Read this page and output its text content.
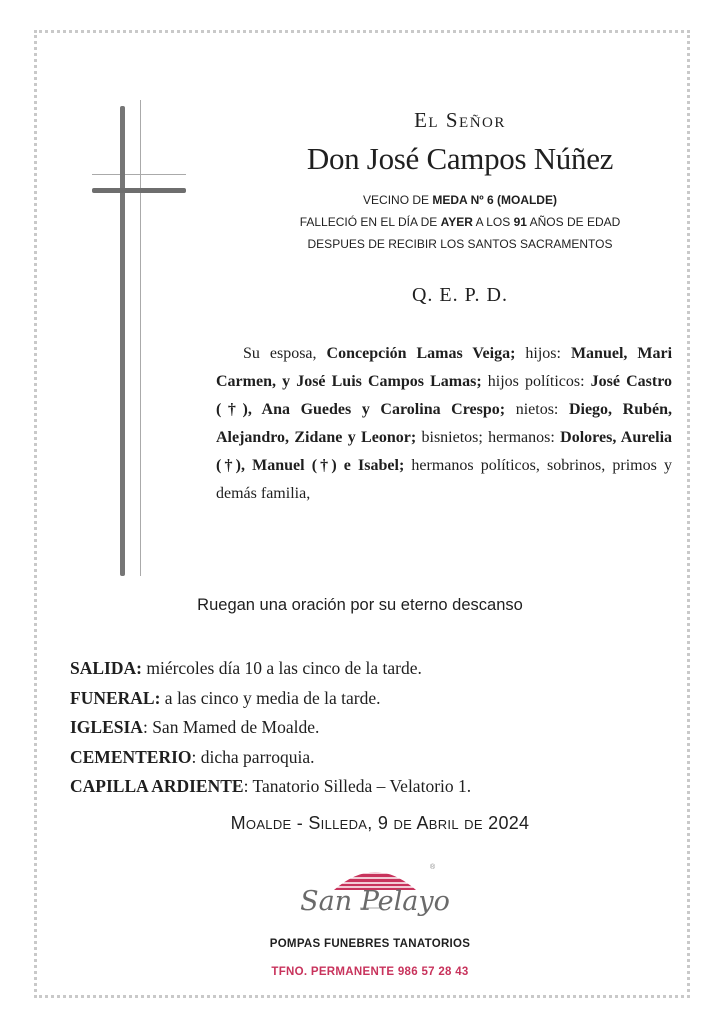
El Señor
Don José Campos Núñez
VECINO DE MEDA Nº 6 (MOALDE)
FALLECIÓ EN EL DÍA DE AYER A LOS 91 AÑOS DE EDAD
DESPUES DE RECIBIR LOS SANTOS SACRAMENTOS
Q. E. P. D.
Su esposa, Concepción Lamas Veiga; hijos: Manuel, Mari Carmen, y José Luis Campos Lamas; hijos políticos: José Castro (†), Ana Guedes y Carolina Crespo; nietos: Diego, Rubén, Alejandro, Zidane y Leonor; bisnietos; hermanos: Dolores, Aurelia (†), Manuel (†) e Isabel; hermanos políticos, sobrinos, primos y demás familia,
Ruegan una oración por su eterno descanso
SALIDA: miércoles día 10 a las cinco de la tarde.
FUNERAL: a las cinco y media de la tarde.
IGLESIA: San Mamed de Moalde.
CEMENTERIO: dicha parroquia.
CAPILLA ARDIENTE: Tanatorio Silleda – Velatorio 1.
Moalde - Silleda, 9 de Abril de 2024
®
San Pelayo
POMPAS FUNEBRES TANATORIOS
TFNO. PERMANENTE 986 57 28 43
